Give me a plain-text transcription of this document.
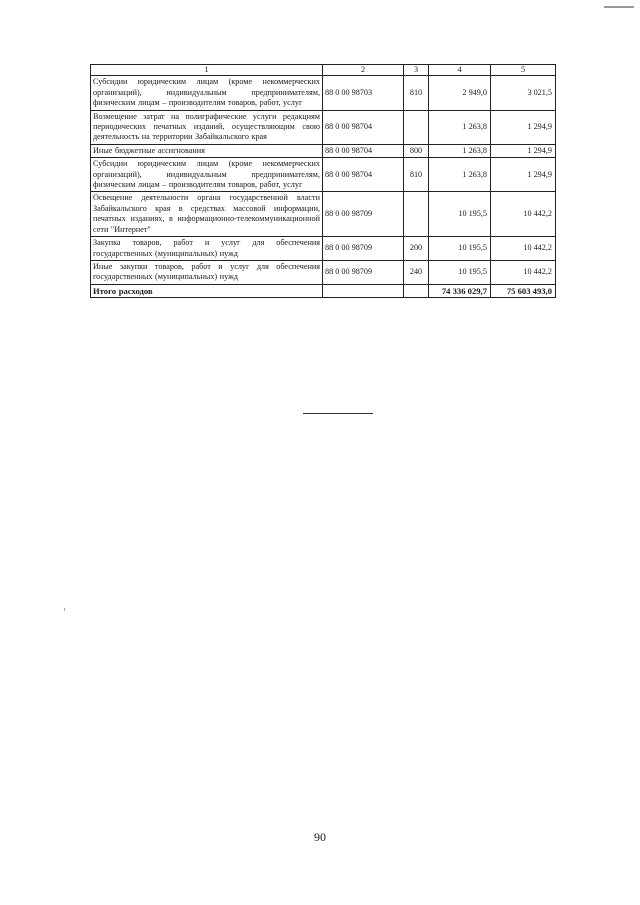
1	2	3	4	5
Субсидии юридическим лицам (кроме некоммерческих организаций), индивидуальным предпринимателям, физическим лицам – производителям товаров, работ, услуг	88 0 00 98703	810	2 949,0	3 021,5
Возмещение затрат на полиграфические услуги редакциям периодических печатных изданий, осуществляющим свою деятельность на территории Забайкальского края	88 0 00 98704		1 263,8	1 294,9
Иные бюджетные ассигнования	88 0 00 98704	800	1 263,8	1 294,9
Субсидии юридическим лицам (кроме некоммерческих организаций), индивидуальным предпринимателям, физическим лицам – производителям товаров, работ, услуг	88 0 00 98704	810	1 263,8	1 294,9
Освещение деятельности органа государственной власти Забайкальского края в средствах массовой информации, печатных изданиях, в информационно-телекоммуникационной сети "Интернет"	88 0 00 98709		10 195,5	10 442,2
Закупка товаров, работ и услуг для обеспечения государственных (муниципальных) нужд	88 0 00 98709	200	10 195,5	10 442,2
Иные закупки товаров, работ и услуг для обеспечения государственных (муниципальных) нужд	88 0 00 98709	240	10 195,5	10 442,2
Итого расходов			74 336 029,7	75 603 493,0
90
